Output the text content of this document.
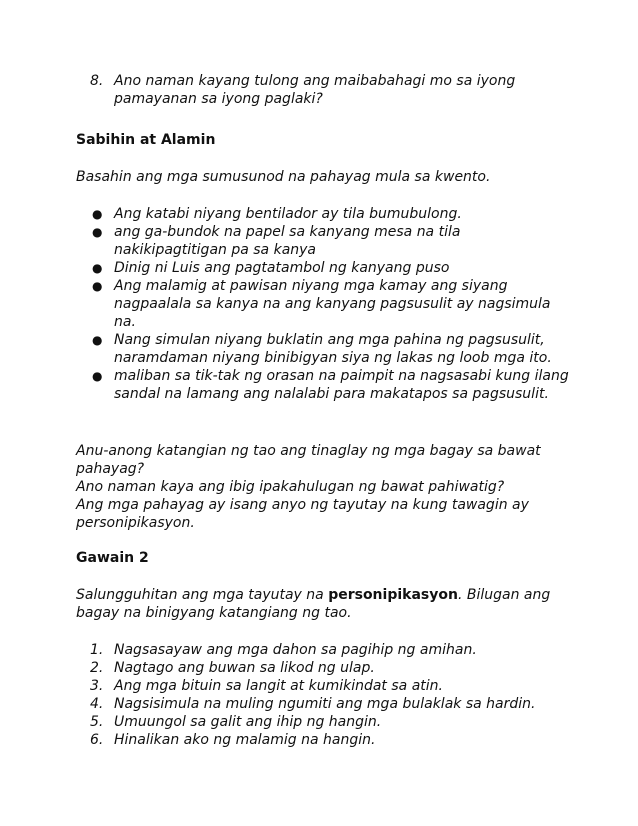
8. Ano naman kayang tulong ang maibabahagi mo sa iyong pamayanan sa iyong paglaki?
Sabihin at Alamin

Basahin ang mga sumusunod na pahayag mula sa kwento.

● Ang katabi niyang bentilador ay tila bumubulong.
● ang ga-bundok na papel sa kanyang mesa na tila nakikipagtitigan pa sa kanya
● Dinig ni Luis ang pagtatambol ng kanyang puso
● Ang malamig at pawisan niyang mga kamay ang siyang nagpaalala sa kanya na ang kanyang pagsusulit ay nagsimula na.
● Nang simulan niyang buklatin ang mga pahina ng pagsusulit, naramdaman niyang binibigyan siya ng lakas ng loob mga ito.
● maliban sa tik-tak ng orasan na paimpit na nagsasabi kung ilang sandal na lamang ang nalalabi para makatapos sa pagsusulit.

Anu-anong katangian ng tao ang tinaglay ng mga bagay sa bawat pahayag?

Ano naman kaya ang ibig ipakahulugan ng bawat pahiwatig?

Ang mga pahayag ay isang anyo ng tayutay na kung tawagin ay personipikasyon.

Gawain 2

Salungguhitan ang mga tayutay na personipikasyon. Bilugan ang bagay na binigyang katangiang ng tao.

1. Nagsasayaw ang mga dahon sa pagihip ng amihan.
2. Nagtago ang buwan sa likod ng ulap.
3. Ang mga bituin sa langit at kumikindat sa atin.
4. Nagsisimula na muling ngumiti ang mga bulaklak sa hardin.
5. Umuungol sa galit ang ihip ng hangin.
6. Hinalikan ako ng malamig na hangin.
